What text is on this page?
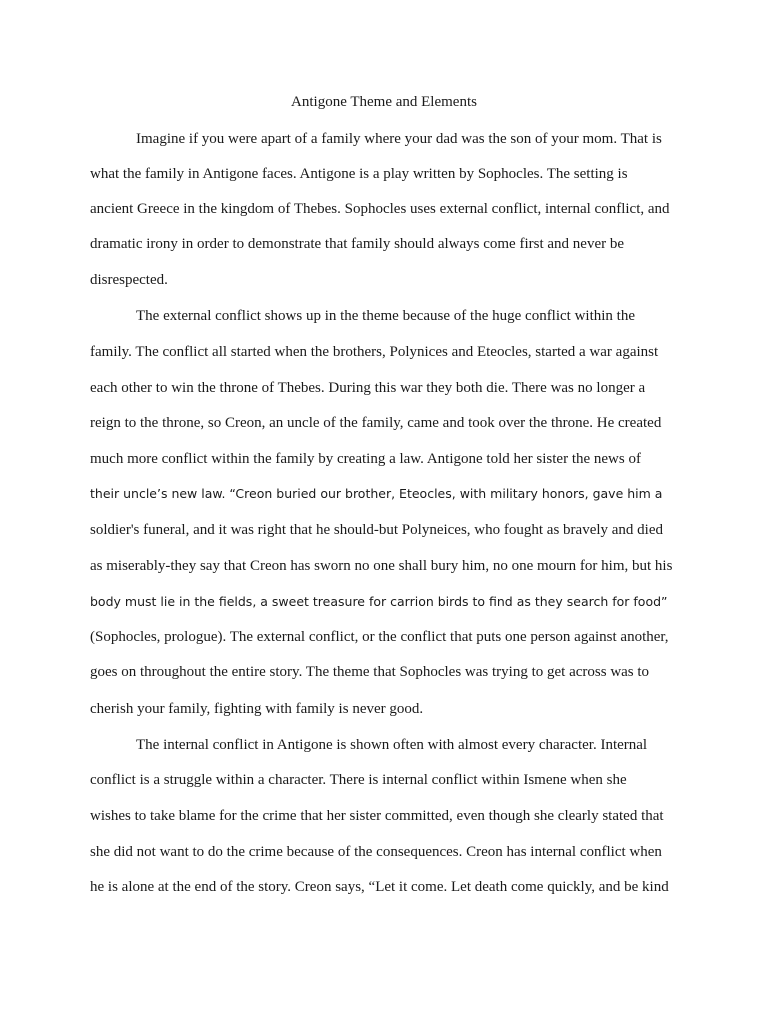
Antigone Theme and Elements
Imagine if you were apart of a family where your dad was the son of your mom. That is
what the family in Antigone faces. Antigone is a play written by Sophocles. The setting is
ancient Greece in the kingdom of Thebes. Sophocles uses external conflict, internal conflict, and
dramatic irony in order to demonstrate that family should always come first and never be
disrespected.
The external conflict shows up in the theme because of the huge conflict within the
family. The conflict all started when the brothers, Polynices and Eteocles, started a war against
each other to win the throne of Thebes. During this war they both die. There was no longer a
reign to the throne, so Creon, an uncle of the family, came and took over the throne. He created
much more conflict within the family by creating a law. Antigone told her sister the news of
their uncle’s new law. “Creon buried our brother, Eteocles, with military honors, gave him a
soldier's funeral, and it was right that he should-but Polyneices, who fought as bravely and died
as miserably-they say that Creon has sworn no one shall bury him, no one mourn for him, but his
body must lie in the fields, a sweet treasure for carrion birds to find as they search for food”
(Sophocles, prologue). The external conflict, or the conflict that puts one person against another,
goes on throughout the entire story. The theme that Sophocles was trying to get across was to
cherish your family, fighting with family is never good.
The internal conflict in Antigone is shown often with almost every character. Internal
conflict is a struggle within a character. There is internal conflict within Ismene when she
wishes to take blame for the crime that her sister committed, even though she clearly stated that
she did not want to do the crime because of the consequences. Creon has internal conflict when
he is alone at the end of the story. Creon says, “Let it come. Let death come quickly, and be kind
